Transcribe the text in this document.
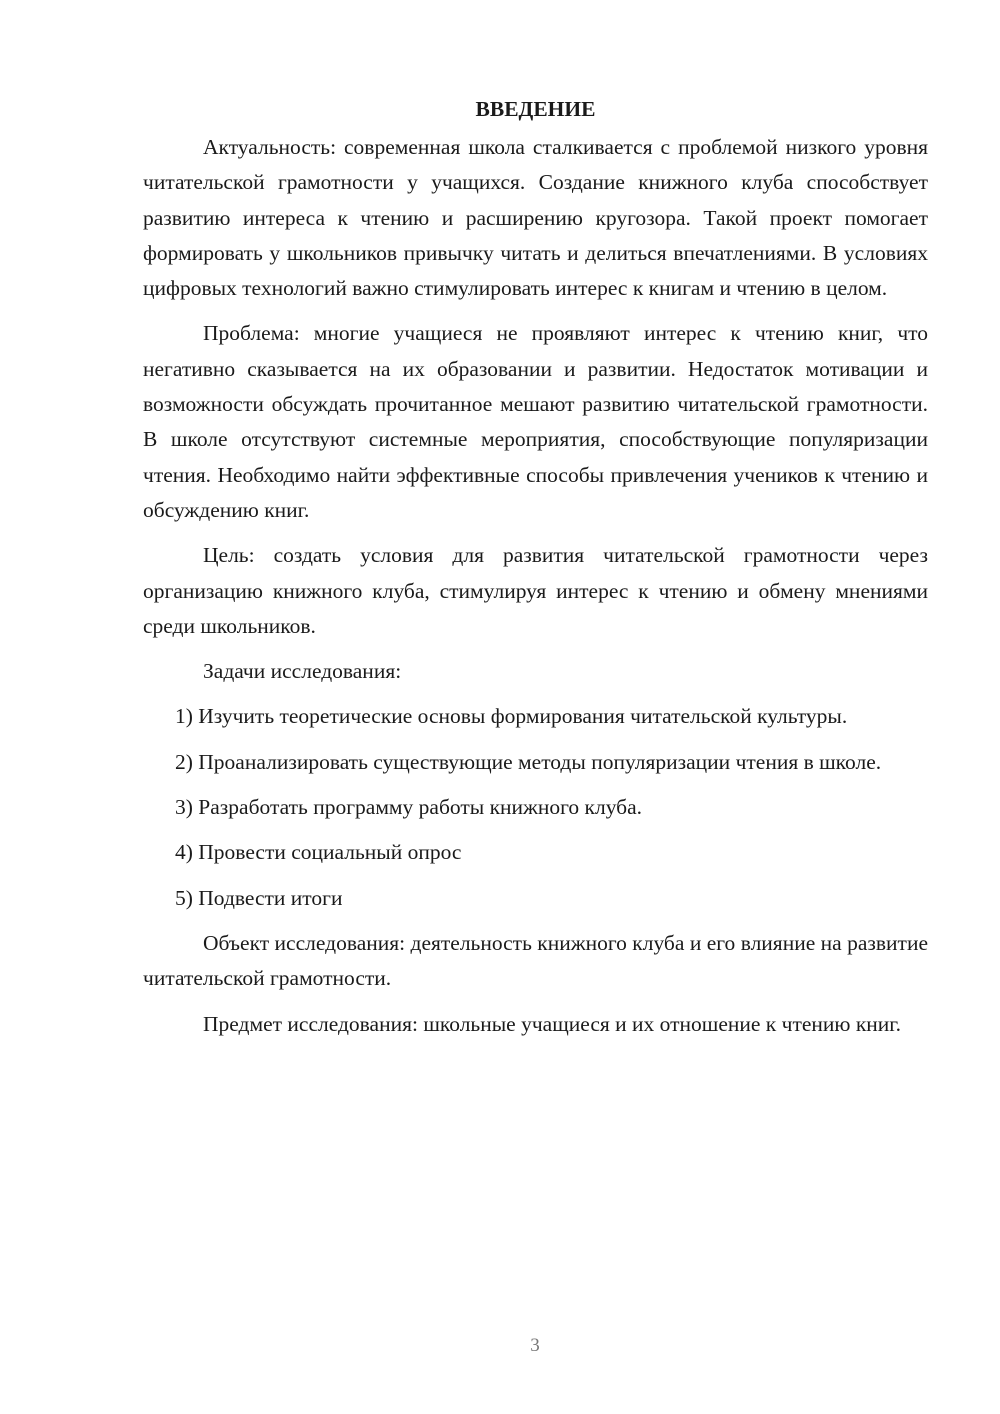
ВВЕДЕНИЕ

Актуальность: современная школа сталкивается с проблемой низкого уровня читательской грамотности у учащихся. Создание книжного клуба способствует развитию интереса к чтению и расширению кругозора. Такой проект помогает формировать у школьников привычку читать и делиться впечатлениями. В условиях цифровых технологий важно стимулировать интерес к книгам и чтению в целом.

Проблема: многие учащиеся не проявляют интерес к чтению книг, что негативно сказывается на их образовании и развитии. Недостаток мотивации и возможности обсуждать прочитанное мешают развитию читательской грамотности. В школе отсутствуют системные мероприятия, способствующие популяризации чтения. Необходимо найти эффективные способы привлечения учеников к чтению и обсуждению книг.

Цель: создать условия для развития читательской грамотности через организацию книжного клуба, стимулируя интерес к чтению и обмену мнениями среди школьников.

Задачи исследования:

1) Изучить теоретические основы формирования читательской культуры.

2) Проанализировать существующие методы популяризации чтения в школе.

3) Разработать программу работы книжного клуба.

4) Провести социальный опрос

5) Подвести итоги

Объект исследования: деятельность книжного клуба и его влияние на развитие читательской грамотности.

Предмет исследования: школьные учащиеся и их отношение к чтению книг.

3
